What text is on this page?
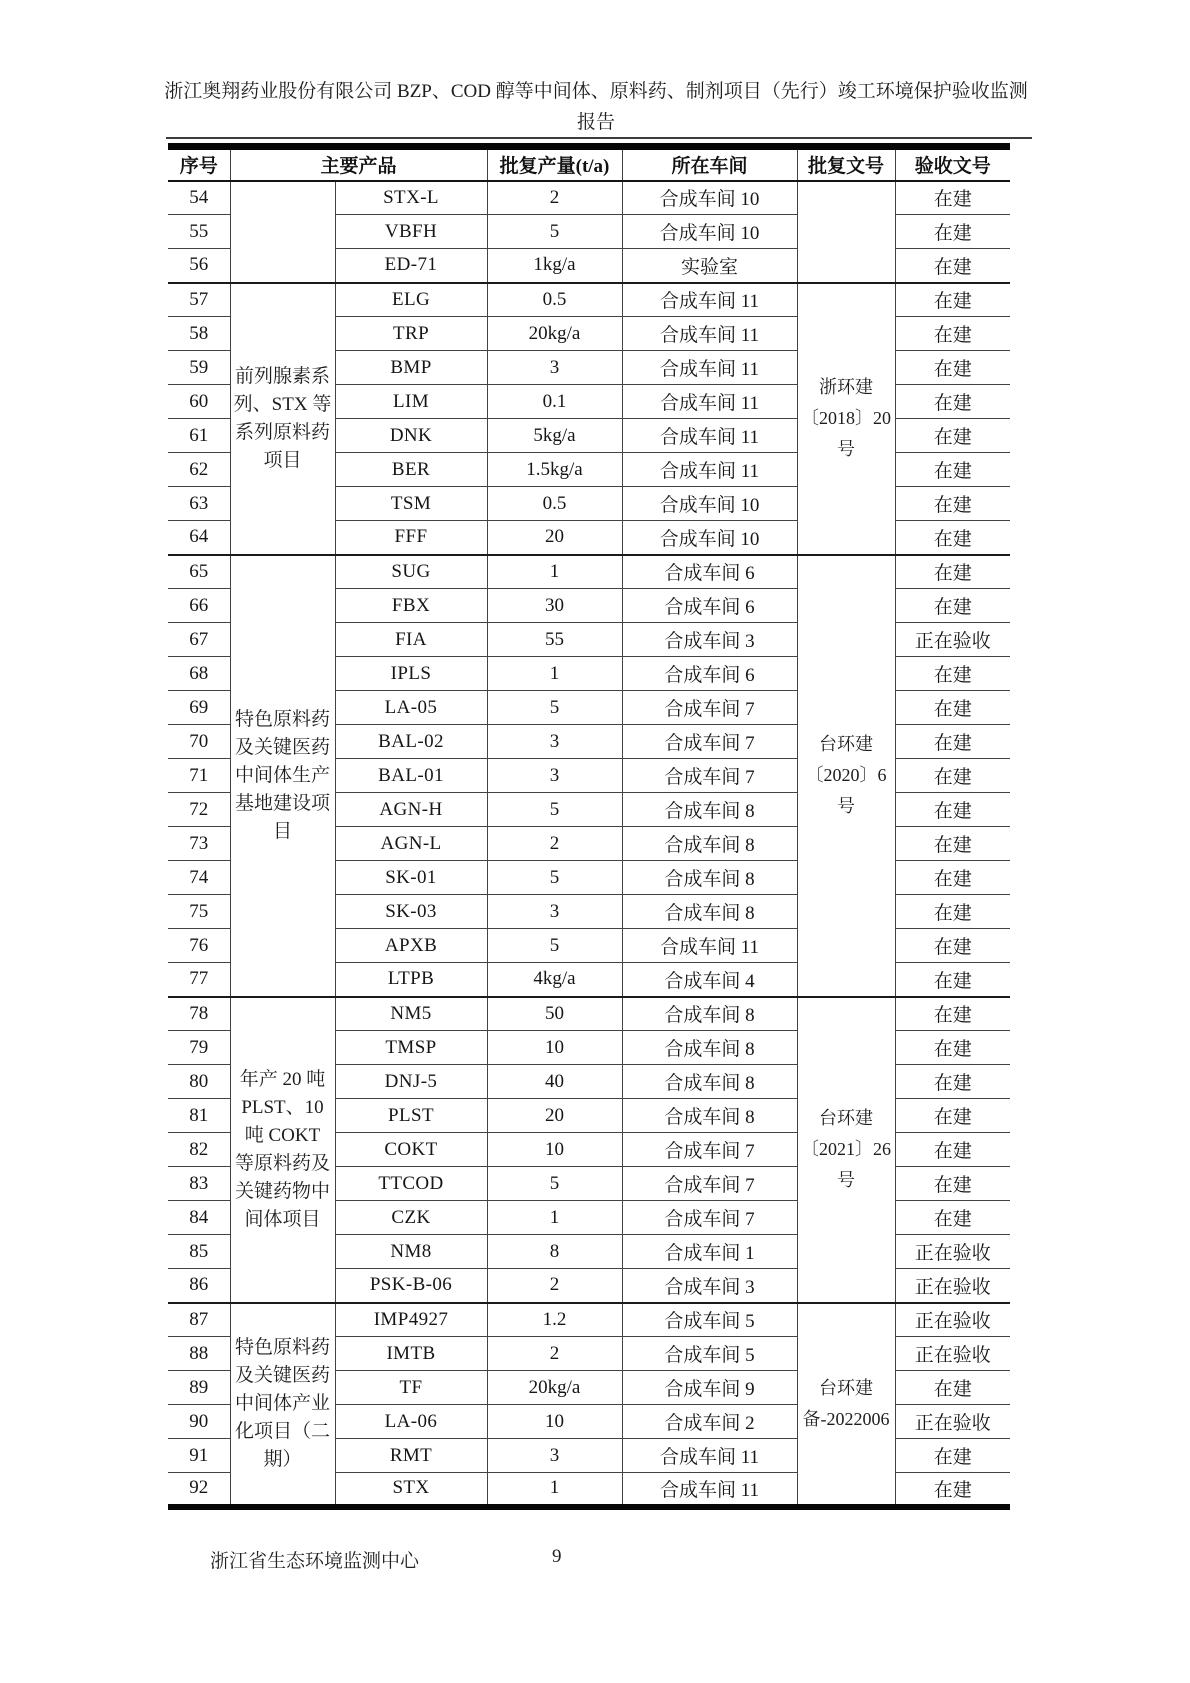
浙江奥翔药业股份有限公司 BZP、COD 醇等中间体、原料药、制剂项目（先行）竣工环境保护验收监测报告
序号	主要产品		批复产量(t/a)	所在车间	批复文号	验收文号
54		STX-L	2	合成车间 10		在建
55		VBFH	5	合成车间 10		在建
56		ED-71	1kg/a	实验室		在建
57	前列腺素系列、STX 等系列原料药项目	ELG	0.5	合成车间 11	浙环建〔2018〕20号	在建
58		TRP	20kg/a	合成车间 11		在建
59		BMP	3	合成车间 11		在建
60		LIM	0.1	合成车间 11		在建
61		DNK	5kg/a	合成车间 11		在建
62		BER	1.5kg/a	合成车间 11		在建
63		TSM	0.5	合成车间 10		在建
64		FFF	20	合成车间 10		在建
65	特色原料药及关键医药中间体生产基地建设项目	SUG	1	合成车间 6	台环建〔2020〕6号	在建
66		FBX	30	合成车间 6		在建
67		FIA	55	合成车间 3		正在验收
68		IPLS	1	合成车间 6		在建
69		LA-05	5	合成车间 7		在建
70		BAL-02	3	合成车间 7		在建
71		BAL-01	3	合成车间 7		在建
72		AGN-H	5	合成车间 8		在建
73		AGN-L	2	合成车间 8		在建
74		SK-01	5	合成车间 8		在建
75		SK-03	3	合成车间 8		在建
76		APXB	5	合成车间 11		在建
77		LTPB	4kg/a	合成车间 4		在建
78	年产 20 吨 PLST、10 吨 COKT 等原料药及关键药物中间体项目	NM5	50	合成车间 8	台环建〔2021〕26号	在建
79		TMSP	10	合成车间 8		在建
80		DNJ-5	40	合成车间 8		在建
81		PLST	20	合成车间 8		在建
82		COKT	10	合成车间 7		在建
83		TTCOD	5	合成车间 7		在建
84		CZK	1	合成车间 7		在建
85		NM8	8	合成车间 1		正在验收
86		PSK-B-06	2	合成车间 3		正在验收
87	特色原料药及关键医药中间体产业化项目（二期）	IMP4927	1.2	合成车间 5	台环建备-2022006	正在验收
88		IMTB	2	合成车间 5		正在验收
89		TF	20kg/a	合成车间 9		在建
90		LA-06	10	合成车间 2		正在验收
91		RMT	3	合成车间 11		在建
92		STX	1	合成车间 11		在建
浙江省生态环境监测中心	9
